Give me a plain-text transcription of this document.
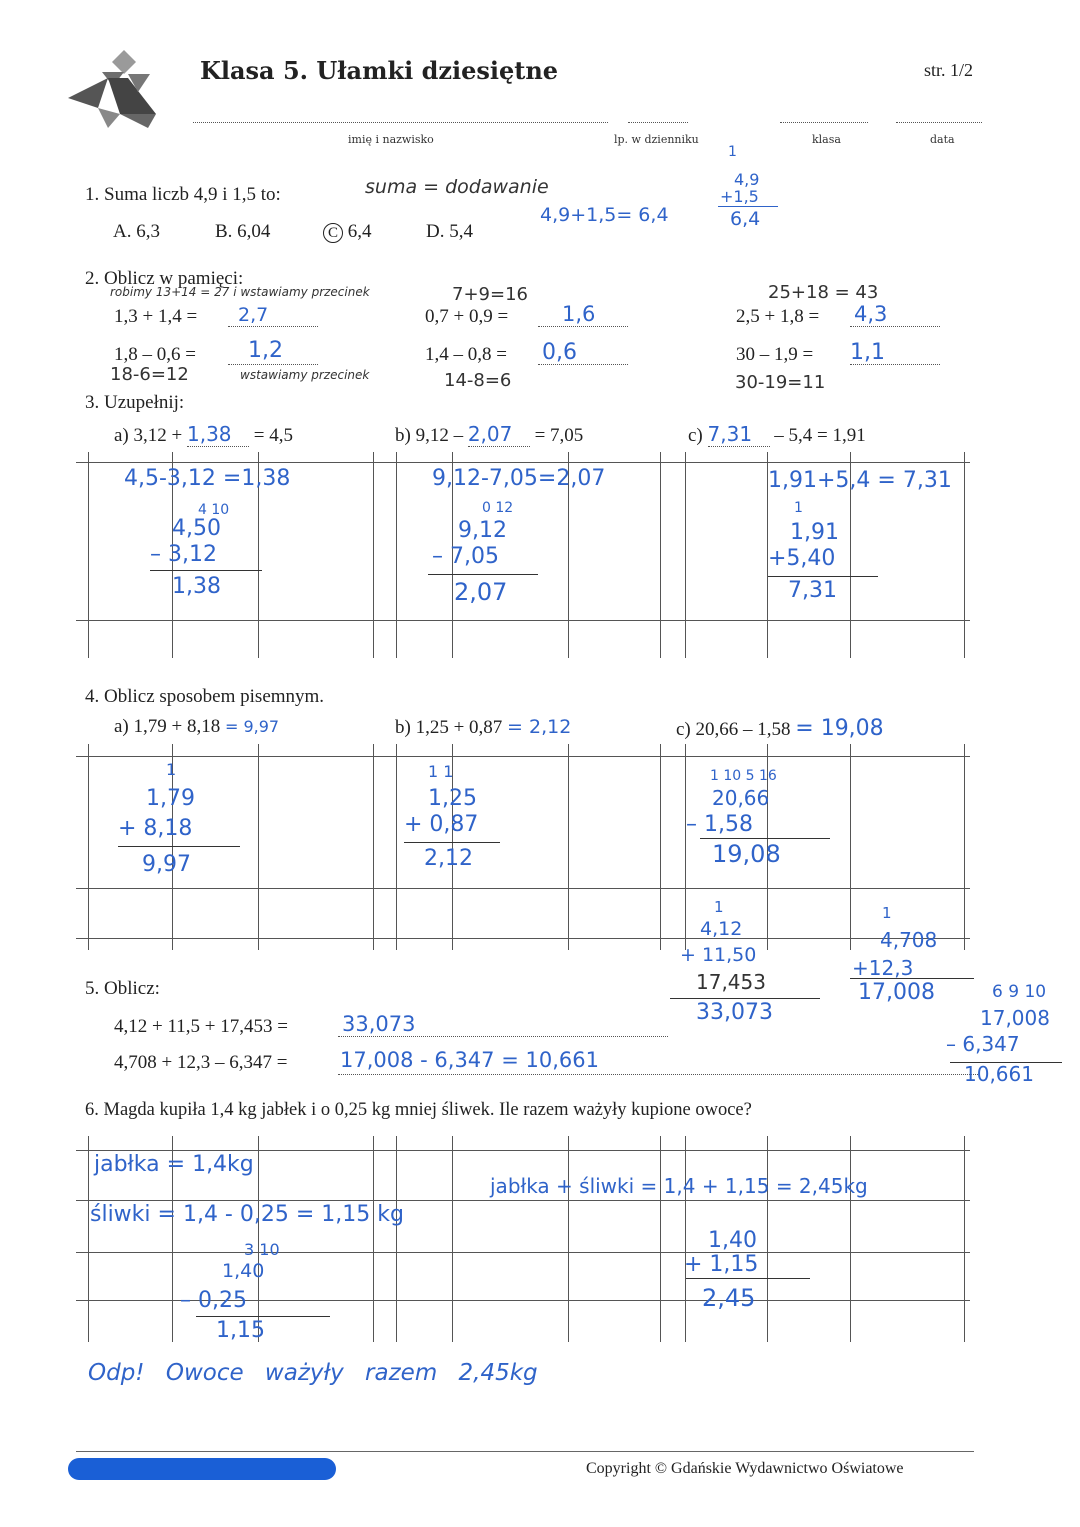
Klasa 5. Ułamki dziesiętne	str. 1/2
imię i nazwisko	lp. w dzienniku	klasa	data
1. Suma liczb 4,9 i 1,5 to:
A. 6,3	B. 6,04	C 6,4	D. 5,4
suma = dodawanie
4,9+1,5= 6,4
1
4,9
+1,5
6,4
2. Oblicz w pamięci:
robimy 13+14 = 27 i wstawiamy przecinek
1,3 + 1,4 = 2,7
7+9=16
0,7 + 0,9 =	1,6
25+18 = 43
2,5 + 1,8 = 4,3
1,8 – 0,6 = 1,2
18-6=12	wstawiamy przecinek
1,4 – 0,8 = 0,6
14-8=6
30 – 1,9 = 1,1
30-19=11
3. Uzupełnij:
a) 3,12 + 1,38 = 4,5	b) 9,12 – 2,07 = 7,05	c) 7,31 – 5,4 = 1,91
4,5-3,12 =1,38
4 10
4,50
– 3,12
1,38
9,12-7,05=2,07
0 12
9,12
– 7,05
2,07
1,91+5,4 = 7,31
1
1,91
+5,40
7,31
4. Oblicz sposobem pisemnym.
a) 1,79 + 8,18 = 9,97	b) 1,25 + 0,87 = 2,12	c) 20,66 – 1,58 = 19,08
1
1,79
+ 8,18
9,97
1 1
1,25
+ 0,87
2,12
1 10 5 16
20,66
– 1,58
19,08
5. Oblicz:
4,12 + 11,5 + 17,453 =	33,073
4,708 + 12,3 – 6,347 =	17,008 - 6,347 = 10,661
1
4,12
+ 11,50
17,453
33,073
1
4,708
+12,3
17,008	6 9 10
17,008
– 6,347
10,661
6. Magda kupiła 1,4 kg jabłek i o 0,25 kg mniej śliwek. Ile razem ważyły kupione owoce?
jabłka = 1,4kg
śliwki = 1,4 - 0,25 = 1,15 kg
3 10
1,40
– 0,25
1,15
jabłka + śliwki = 1,4 + 1,15 = 2,45kg
1,40
+ 1,15
2,45
Odp! Owoce ważyły razem 2,45kg
Copyright © Gdańskie Wydawnictwo Oświatowe
